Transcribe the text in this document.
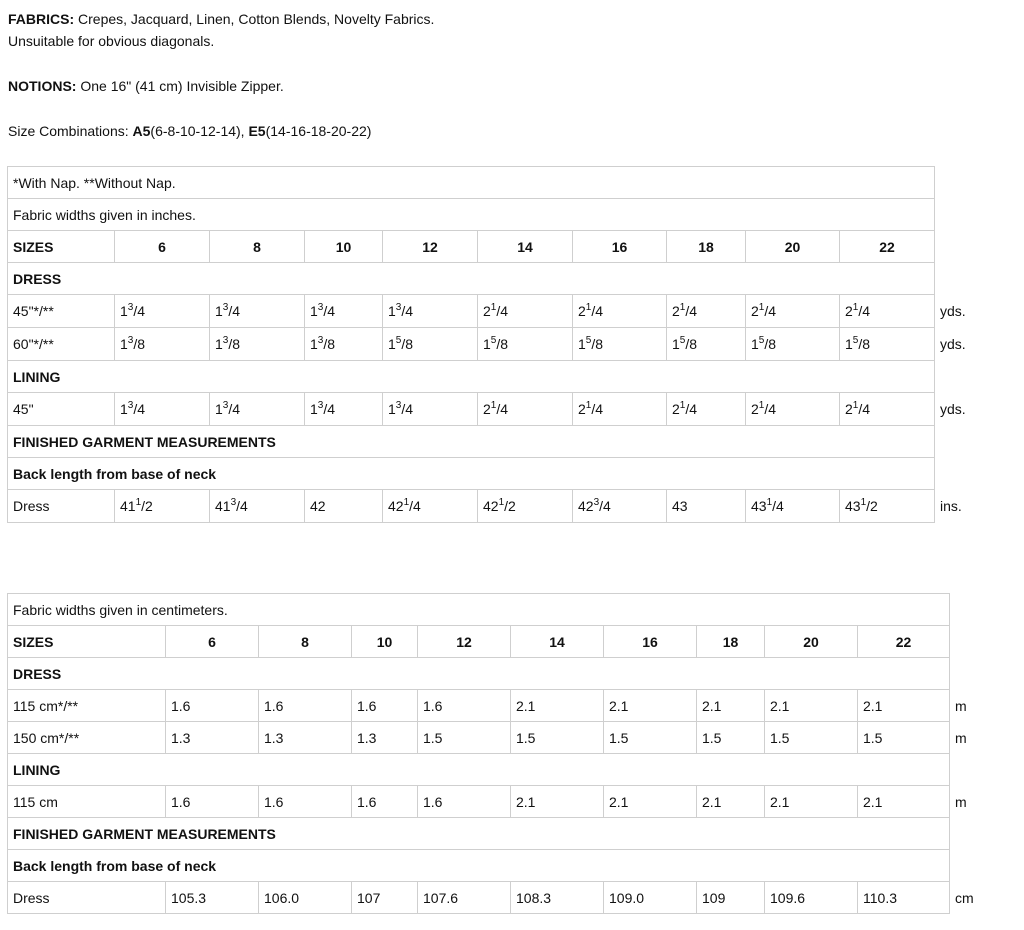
FABRICS: Crepes, Jacquard, Linen, Cotton Blends, Novelty Fabrics.
Unsuitable for obvious diagonals.
NOTIONS: One 16" (41 cm) Invisible Zipper.
Size Combinations: A5(6-8-10-12-14), E5(14-16-18-20-22)
*With Nap. **Without Nap.										
Fabric widths given in inches.										
SIZES	6	8	10	12	14	16	18	20	22	
DRESS										
45"*/**	$1^3/4$	$1^3/4$	$1^3/4$	$1^3/4$	$2^1/4$	$2^1/4$	$2^1/4$	$2^1/4$	$2^1/4$	yds.
60"*/**	$1^3/8$	$1^3/8$	$1^3/8$	$1^5/8$	$1^5/8$	$1^5/8$	$1^5/8$	$1^5/8$	$1^5/8$	yds.
LINING										
45"	$1^3/4$	$1^3/4$	$1^3/4$	$1^3/4$	$2^1/4$	$2^1/4$	$2^1/4$	$2^1/4$	$2^1/4$	yds.
FINISHED GARMENT MEASUREMENTS										
Back length from base of neck										
Dress	$41^1/2$	$41^3/4$	42	$42^1/4$	$42^1/2$	$42^3/4$	43	$43^1/4$	$43^1/2$	ins.
Fabric widths given in centimeters.										
SIZES	6	8	10	12	14	16	18	20	22	
DRESS										
115 cm*/**	1.6	1.6	1.6	1.6	2.1	2.1	2.1	2.1	2.1	m
150 cm*/**	1.3	1.3	1.3	1.5	1.5	1.5	1.5	1.5	1.5	m
LINING										
115 cm	1.6	1.6	1.6	1.6	2.1	2.1	2.1	2.1	2.1	m
FINISHED GARMENT MEASUREMENTS										
Back length from base of neck										
Dress	105.3	106.0	107	107.6	108.3	109.0	109	109.6	110.3	cm
